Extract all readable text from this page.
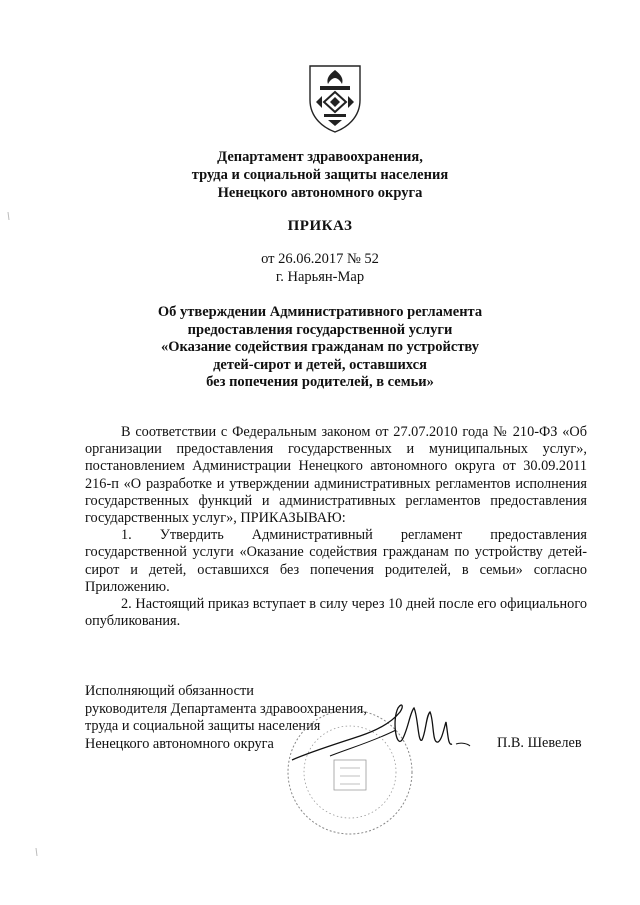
Департамент здравоохранения,
труда и социальной защиты населения
Ненецкого автономного округа
ПРИКАЗ
от 26.06.2017 № 52
г. Нарьян-Мар
Об утверждении Административного регламента
предоставления государственной услуги
«Оказание содействия гражданам по устройству
детей-сирот и детей, оставшихся
без попечения родителей, в семьи»

В соответствии с Федеральным законом от 27.07.2010 года № 210-ФЗ «Об организации предоставления государственных и муниципальных услуг», постановлением Администрации Ненецкого автономного округа от 30.09.2011 216-п «О разработке и утверждении административных регламентов исполнения государственных функций и административных регламентов предоставления государственных услуг», ПРИКАЗЫВАЮ:

1. Утвердить Административный регламент предоставления государственной услуги «Оказание содействия гражданам по устройству детей-сирот и детей, оставшихся без попечения родителей, в семьи» согласно Приложению.

2. Настоящий приказ вступает в силу через 10 дней после его официального опубликования.

Исполняющий обязанности
руководителя Департамента здравоохранения,
труда и социальной защиты населения
Ненецкого автономного округа	П.В. Шевелев
